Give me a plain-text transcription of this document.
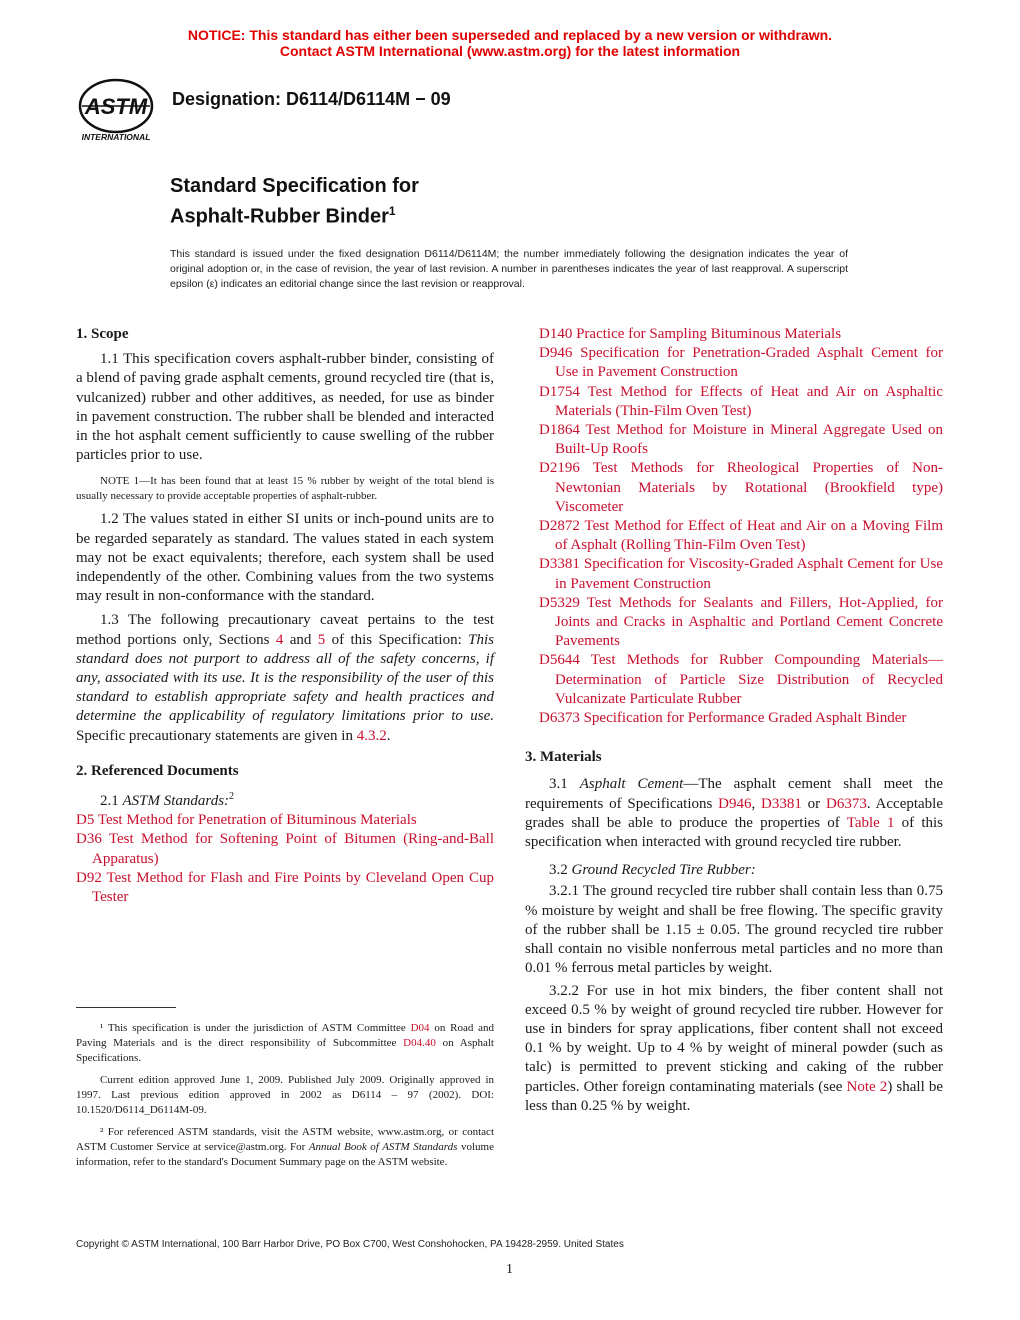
NOTICE: This standard has either been superseded and replaced by a new version or withdrawn.
Contact ASTM International (www.astm.org) for the latest information
ASTM
INTERNATIONAL
Designation: D6114/D6114M − 09
Standard Specification for
Asphalt-Rubber Binder$^1$
This standard is issued under the fixed designation D6114/D6114M; the number immediately following the designation indicates the year of original adoption or, in the case of revision, the year of last revision. A number in parentheses indicates the year of last reapproval. A superscript epsilon (ε) indicates an editorial change since the last revision or reapproval.
1. Scope

1.1 This specification covers asphalt-rubber binder, consisting of a blend of paving grade asphalt cements, ground recycled tire (that is, vulcanized) rubber and other additives, as needed, for use as binder in pavement construction. The rubber shall be blended and interacted in the hot asphalt cement sufficiently to cause swelling of the rubber particles prior to use.

NOTE 1—It has been found that at least 15 % rubber by weight of the total blend is usually necessary to provide acceptable properties of asphalt-rubber.

1.2 The values stated in either SI units or inch-pound units are to be regarded separately as standard. The values stated in each system may not be exact equivalents; therefore, each system shall be used independently of the other. Combining values from the two systems may result in non-conformance with the standard.

1.3 The following precautionary caveat pertains to the test method portions only, Sections 4 and 5 of this Specification: This standard does not purport to address all of the safety concerns, if any, associated with its use. It is the responsibility of the user of this standard to establish appropriate safety and health practices and determine the applicability of regulatory limitations prior to use. Specific precautionary statements are given in 4.3.2.

2. Referenced Documents

2.1 ASTM Standards:$^2$

D5 Test Method for Penetration of Bituminous Materials

D36 Test Method for Softening Point of Bitumen (Ring-and-Ball Apparatus)

D92 Test Method for Flash and Fire Points by Cleveland Open Cup Tester

¹ This specification is under the jurisdiction of ASTM Committee D04 on Road and Paving Materials and is the direct responsibility of Subcommittee D04.40 on Asphalt Specifications.

Current edition approved June 1, 2009. Published July 2009. Originally approved in 1997. Last previous edition approved in 2002 as D6114 – 97 (2002). DOI: 10.1520/D6114_D6114M-09.

² For referenced ASTM standards, visit the ASTM website, www.astm.org, or contact ASTM Customer Service at service@astm.org. For Annual Book of ASTM Standards volume information, refer to the standard's Document Summary page on the ASTM website.

D140 Practice for Sampling Bituminous Materials

D946 Specification for Penetration-Graded Asphalt Cement for Use in Pavement Construction

D1754 Test Method for Effects of Heat and Air on Asphaltic Materials (Thin-Film Oven Test)

D1864 Test Method for Moisture in Mineral Aggregate Used on Built-Up Roofs

D2196 Test Methods for Rheological Properties of Non-Newtonian Materials by Rotational (Brookfield type) Viscometer

D2872 Test Method for Effect of Heat and Air on a Moving Film of Asphalt (Rolling Thin-Film Oven Test)

D3381 Specification for Viscosity-Graded Asphalt Cement for Use in Pavement Construction

D5329 Test Methods for Sealants and Fillers, Hot-Applied, for Joints and Cracks in Asphaltic and Portland Cement Concrete Pavements

D5644 Test Methods for Rubber Compounding Materials—Determination of Particle Size Distribution of Recycled Vulcanizate Particulate Rubber

D6373 Specification for Performance Graded Asphalt Binder

3. Materials

3.1 Asphalt Cement—The asphalt cement shall meet the requirements of Specifications D946, D3381 or D6373. Acceptable grades shall be able to produce the properties of Table 1 of this specification when interacted with ground recycled tire rubber.

3.2 Ground Recycled Tire Rubber:

3.2.1 The ground recycled tire rubber shall contain less than 0.75 % moisture by weight and shall be free flowing. The specific gravity of the rubber shall be 1.15 ± 0.05. The ground recycled tire rubber shall contain no visible nonferrous metal particles and no more than 0.01 % ferrous metal particles by weight.

3.2.2 For use in hot mix binders, the fiber content shall not exceed 0.5 % by weight of ground recycled tire rubber. However for use in binders for spray applications, fiber content shall not exceed 0.1 % by weight. Up to 4 % by weight of mineral powder (such as talc) is permitted to prevent sticking and caking of the rubber particles. Other foreign contaminating materials (see Note 2) shall be less than 0.25 % by weight.

Copyright © ASTM International, 100 Barr Harbor Drive, PO Box C700, West Conshohocken, PA 19428-2959. United States
1
